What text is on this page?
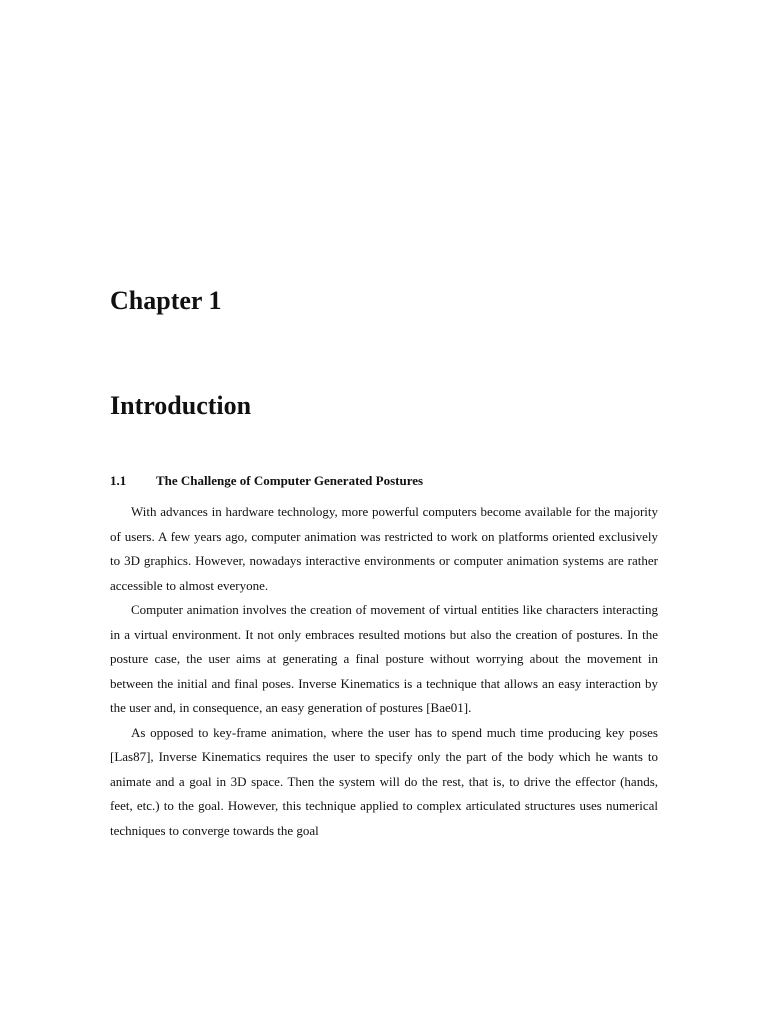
Chapter 1
Introduction
1.1	The Challenge of Computer Generated Postures

With advances in hardware technology, more powerful computers become available for the majority of users. A few years ago, computer animation was restricted to work on platforms oriented exclusively to 3D graphics. However, nowadays interactive environments or computer animation systems are rather accessible to almost everyone.

Computer animation involves the creation of movement of virtual entities like characters interacting in a virtual environment. It not only embraces resulted motions but also the creation of postures. In the posture case, the user aims at generating a final posture without worrying about the movement in between the initial and final poses. Inverse Kinematics is a technique that allows an easy interaction by the user and, in consequence, an easy generation of postures [Bae01].

As opposed to key-frame animation, where the user has to spend much time producing key poses [Las87], Inverse Kinematics requires the user to specify only the part of the body which he wants to animate and a goal in 3D space. Then the system will do the rest, that is, to drive the effector (hands, feet, etc.) to the goal. However, this technique applied to complex articulated structures uses numerical techniques to converge towards the goal
